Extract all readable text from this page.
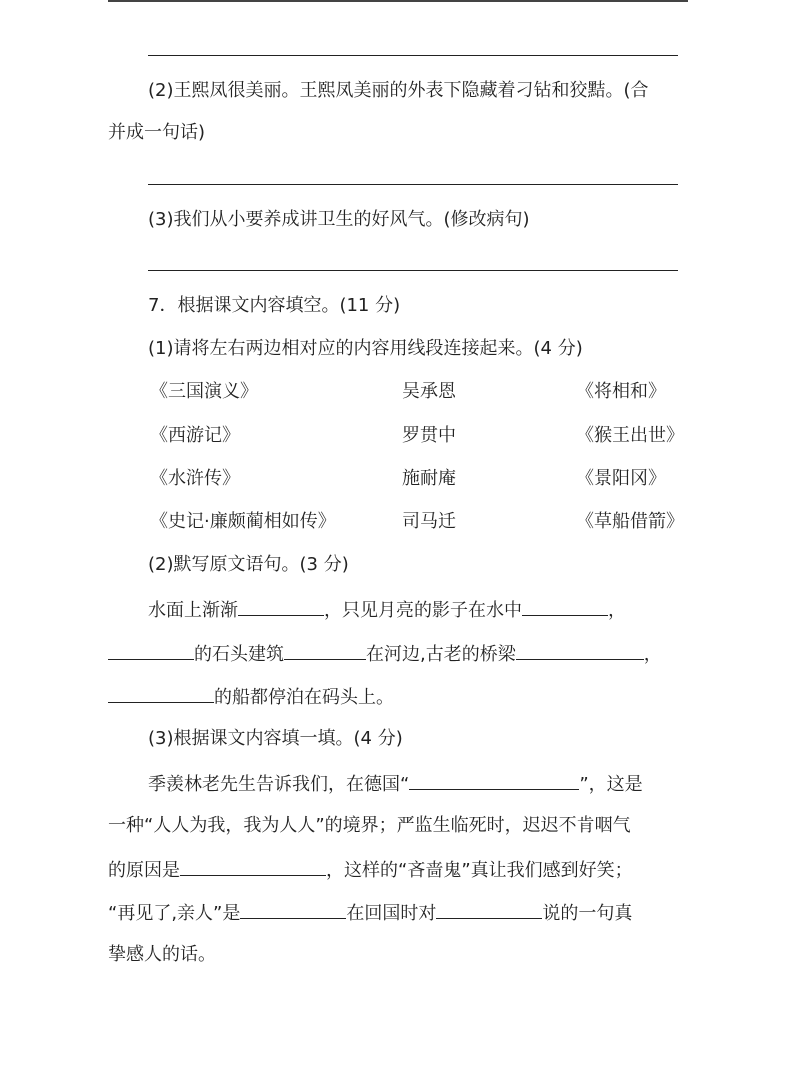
(2)王熙凤很美丽。王熙凤美丽的外表下隐藏着刁钻和狡黠。(合
并成一句话)
(3)我们从小要养成讲卫生的好风气。(修改病句)
7．根据课文内容填空。(11 分)
(1)请将左右两边相对应的内容用线段连接起来。(4 分)
《三国演义》	吴承恩	《将相和》
《西游记》	罗贯中	《猴王出世》
《水浒传》	施耐庵	《景阳冈》
《史记·廉颇蔺相如传》	司马迁	《草船借箭》
(2)默写原文语句。(3 分)
水面上渐渐	，只见月亮的影子在水中	，
的石头建筑	在河边,古老的桥梁	，
的船都停泊在码头上。
(3)根据课文内容填一填。(4 分)
季羡林老先生告诉我们，在德国“	”，这是
一种“人人为我，我为人人”的境界；严监生临死时，迟迟不肯咽气
的原因是	，这样的“吝啬鬼”真让我们感到好笑；
“再见了,亲人”是	在回国时对	说的一句真
挚感人的话。
